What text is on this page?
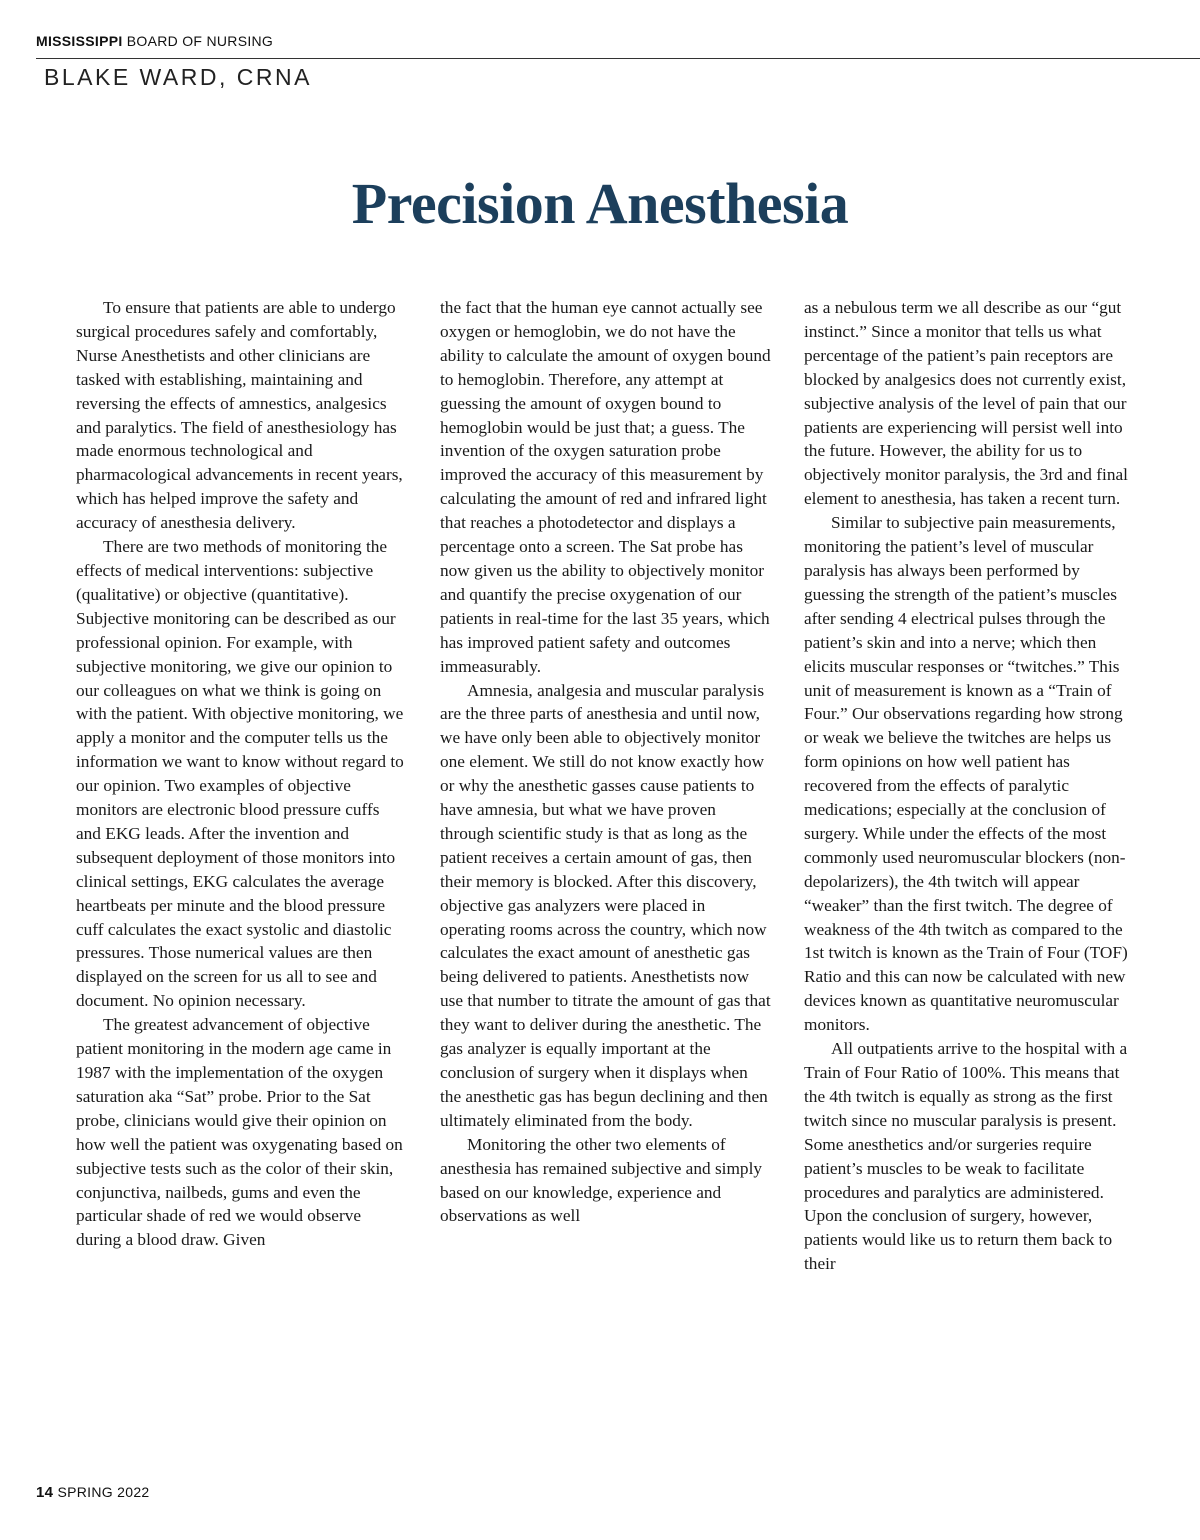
MISSISSIPPI BOARD OF NURSING
BLAKE WARD, CRNA
Precision Anesthesia

To ensure that patients are able to undergo surgical procedures safely and comfortably, Nurse Anesthetists and other clinicians are tasked with establishing, maintaining and reversing the effects of amnestics, analgesics and paralytics. The field of anesthesiology has made enormous technological and pharmacological advancements in recent years, which has helped improve the safety and accuracy of anesthesia delivery.

There are two methods of monitoring the effects of medical interventions: subjective (qualitative) or objective (quantitative). Subjective monitoring can be described as our professional opinion. For example, with subjective monitoring, we give our opinion to our colleagues on what we think is going on with the patient. With objective monitoring, we apply a monitor and the computer tells us the information we want to know without regard to our opinion. Two examples of objective monitors are electronic blood pressure cuffs and EKG leads. After the invention and subsequent deployment of those monitors into clinical settings, EKG calculates the average heartbeats per minute and the blood pressure cuff calculates the exact systolic and diastolic pressures. Those numerical values are then displayed on the screen for us all to see and document. No opinion necessary.

The greatest advancement of objective patient monitoring in the modern age came in 1987 with the implementation of the oxygen saturation aka “Sat” probe. Prior to the Sat probe, clinicians would give their opinion on how well the patient was oxygenating based on subjective tests such as the color of their skin, conjunctiva, nailbeds, gums and even the particular shade of red we would observe during a blood draw. Given

the fact that the human eye cannot actually see oxygen or hemoglobin, we do not have the ability to calculate the amount of oxygen bound to hemoglobin. Therefore, any attempt at guessing the amount of oxygen bound to hemoglobin would be just that; a guess. The invention of the oxygen saturation probe improved the accuracy of this measurement by calculating the amount of red and infrared light that reaches a photodetector and displays a percentage onto a screen. The Sat probe has now given us the ability to objectively monitor and quantify the precise oxygenation of our patients in real-time for the last 35 years, which has improved patient safety and outcomes immeasurably.

Amnesia, analgesia and muscular paralysis are the three parts of anesthesia and until now, we have only been able to objectively monitor one element. We still do not know exactly how or why the anesthetic gasses cause patients to have amnesia, but what we have proven through scientific study is that as long as the patient receives a certain amount of gas, then their memory is blocked. After this discovery, objective gas analyzers were placed in operating rooms across the country, which now calculates the exact amount of anesthetic gas being delivered to patients. Anesthetists now use that number to titrate the amount of gas that they want to deliver during the anesthetic. The gas analyzer is equally important at the conclusion of surgery when it displays when the anesthetic gas has begun declining and then ultimately eliminated from the body.

Monitoring the other two elements of anesthesia has remained subjective and simply based on our knowledge, experience and observations as well

as a nebulous term we all describe as our “gut instinct.” Since a monitor that tells us what percentage of the patient’s pain receptors are blocked by analgesics does not currently exist, subjective analysis of the level of pain that our patients are experiencing will persist well into the future. However, the ability for us to objectively monitor paralysis, the 3rd and final element to anesthesia, has taken a recent turn.

Similar to subjective pain measurements, monitoring the patient’s level of muscular paralysis has always been performed by guessing the strength of the patient’s muscles after sending 4 electrical pulses through the patient’s skin and into a nerve; which then elicits muscular responses or “twitches.” This unit of measurement is known as a “Train of Four.” Our observations regarding how strong or weak we believe the twitches are helps us form opinions on how well patient has recovered from the effects of paralytic medications; especially at the conclusion of surgery. While under the effects of the most commonly used neuromuscular blockers (non-depolarizers), the 4th twitch will appear “weaker” than the first twitch. The degree of weakness of the 4th twitch as compared to the 1st twitch is known as the Train of Four (TOF) Ratio and this can now be calculated with new devices known as quantitative neuromuscular monitors.

All outpatients arrive to the hospital with a Train of Four Ratio of 100%. This means that the 4th twitch is equally as strong as the first twitch since no muscular paralysis is present. Some anesthetics and/or surgeries require patient’s muscles to be weak to facilitate procedures and paralytics are administered. Upon the conclusion of surgery, however, patients would like us to return them back to their

14 SPRING 2022
